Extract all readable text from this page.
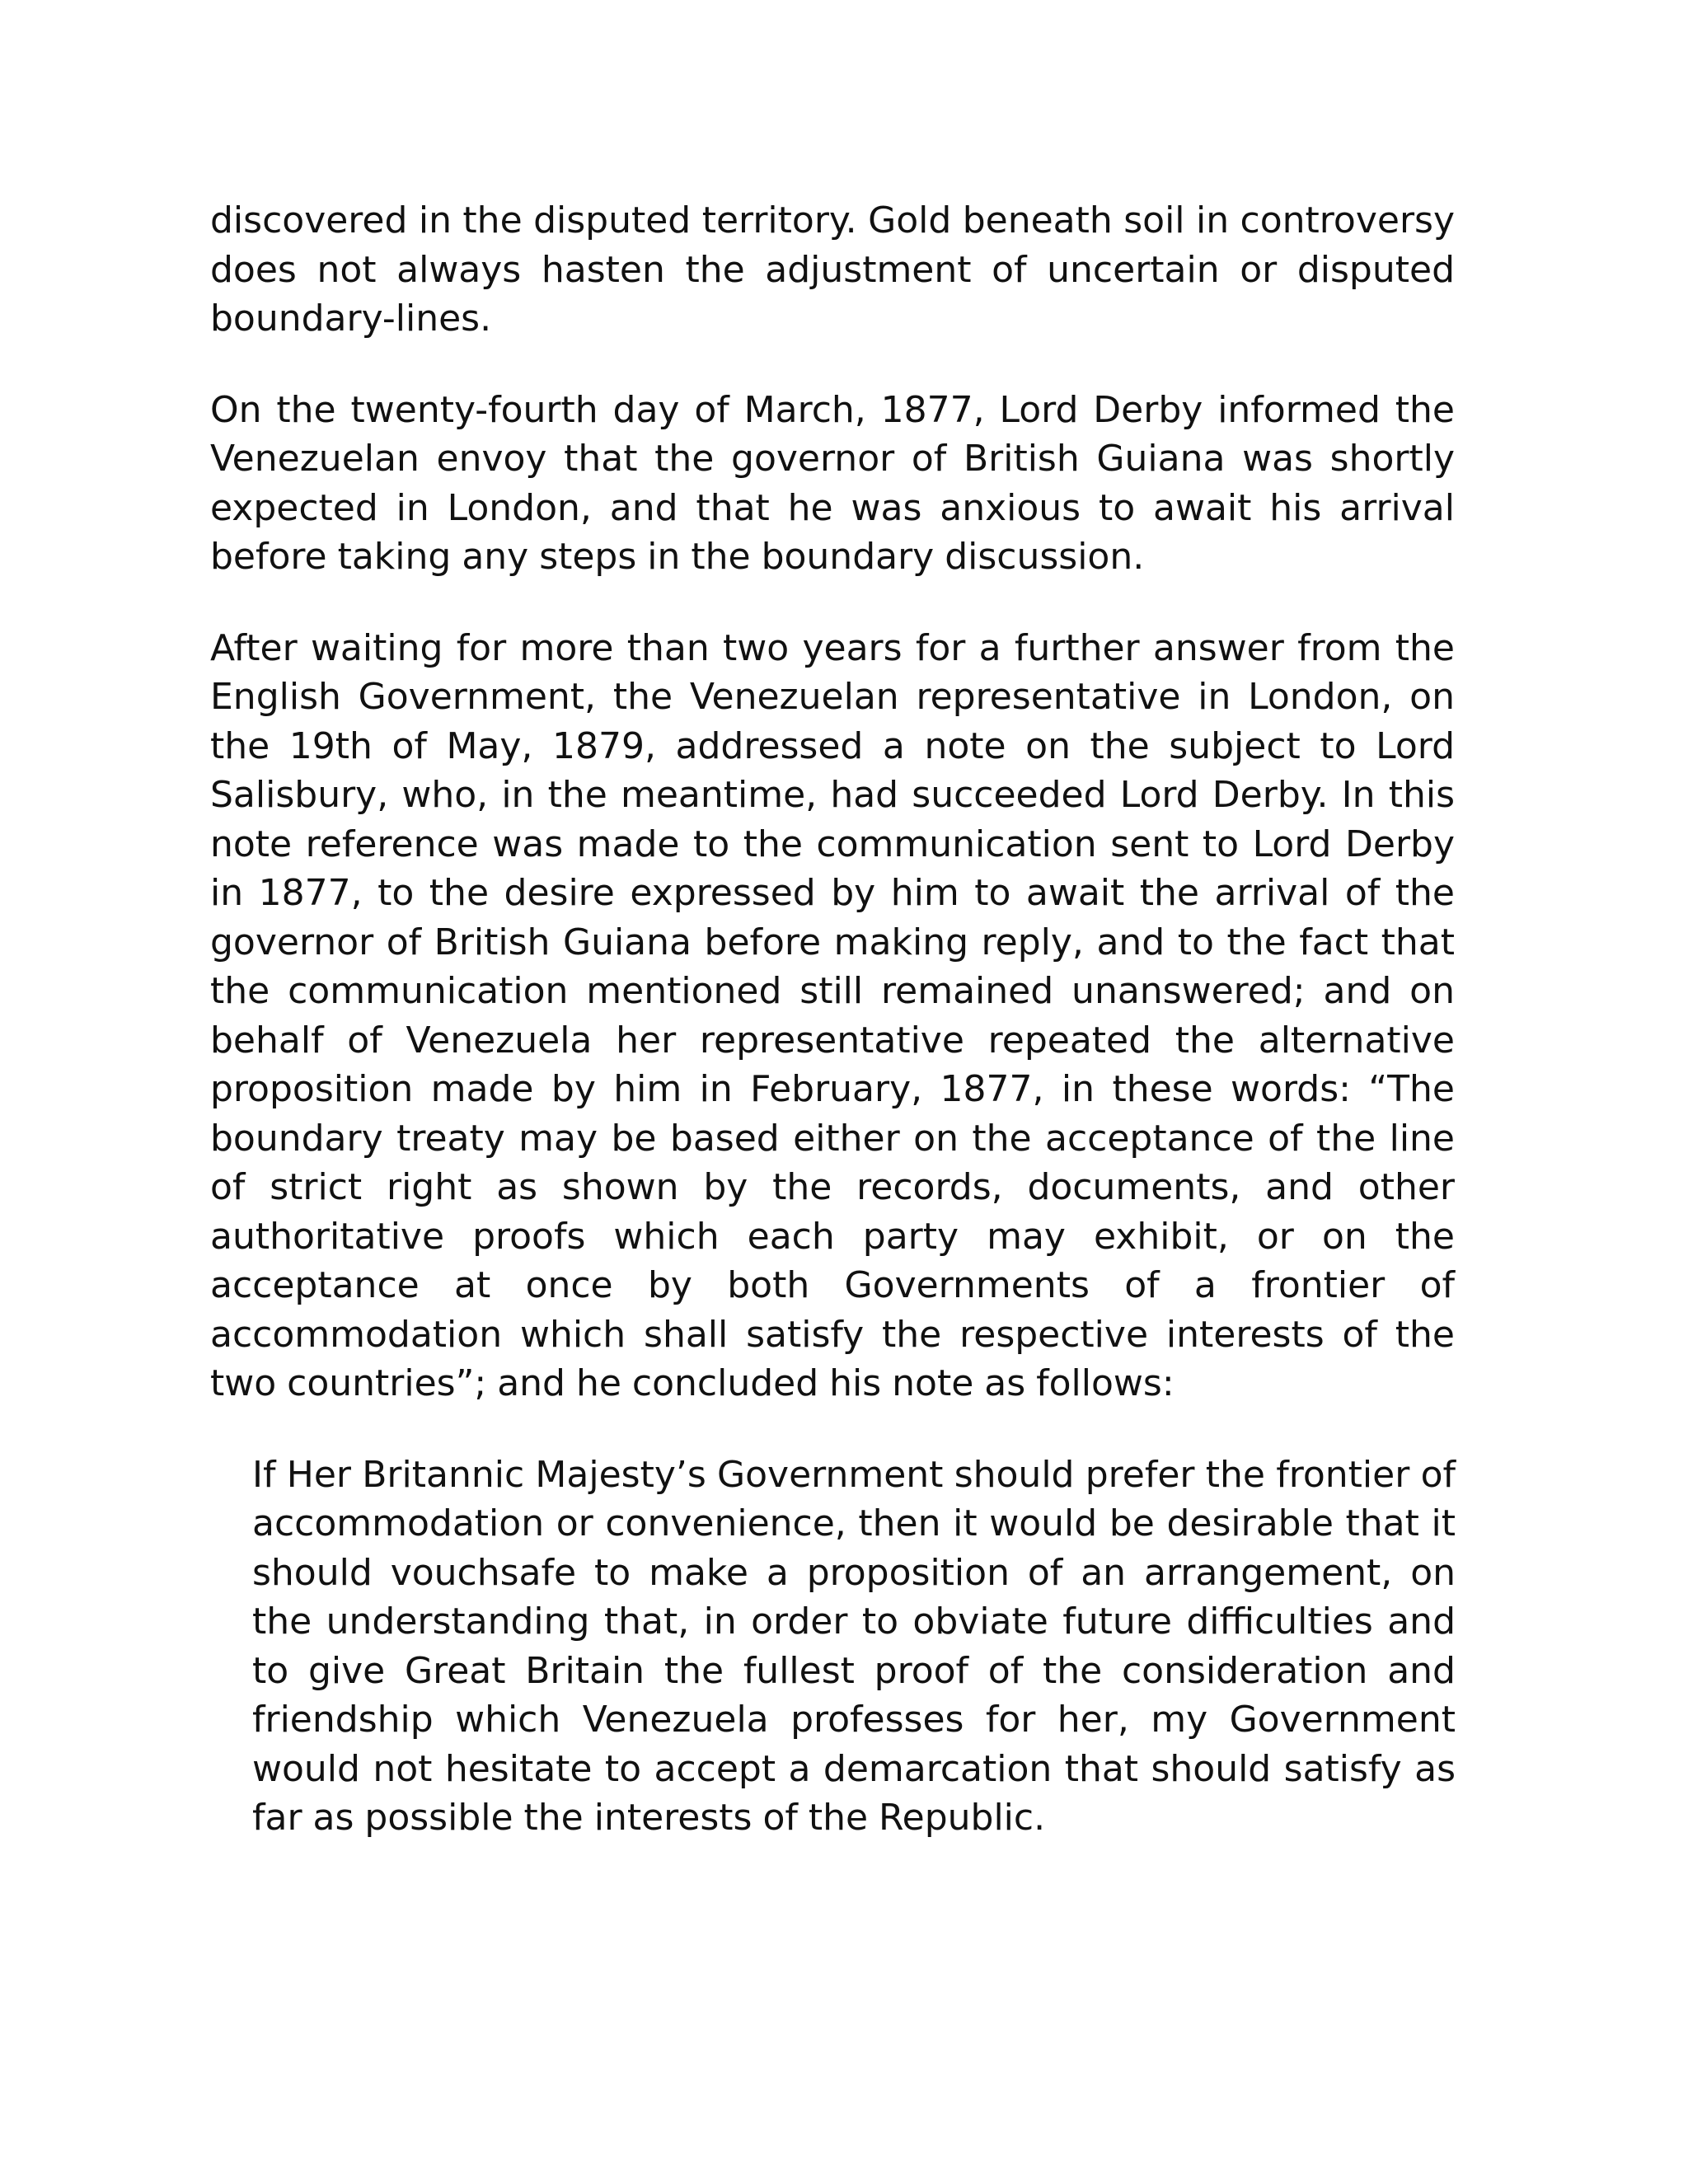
discovered in the disputed territory. Gold beneath soil in controversy does not always hasten the adjustment of uncertain or disputed boundary-lines.

On the twenty-fourth day of March, 1877, Lord Derby informed the Venezuelan envoy that the governor of British Guiana was shortly expected in London, and that he was anxious to await his arrival before taking any steps in the boundary discussion.

After waiting for more than two years for a further answer from the English Government, the Venezuelan representative in London, on the 19th of May, 1879, addressed a note on the subject to Lord Salisbury, who, in the meantime, had succeeded Lord Derby. In this note reference was made to the communication sent to Lord Derby in 1877, to the desire expressed by him to await the arrival of the governor of British Guiana before making reply, and to the fact that the communication mentioned still remained unanswered; and on behalf of Venezuela her representative repeated the alternative proposition made by him in February, 1877, in these words: “The boundary treaty may be based either on the acceptance of the line of strict right as shown by the records, documents, and other authoritative proofs which each party may exhibit, or on the acceptance at once by both Governments of a frontier of accommodation which shall satisfy the respective interests of the two countries”; and he concluded his note as follows:

If Her Britannic Majesty’s Government should prefer the frontier of accommodation or convenience, then it would be desirable that it should vouchsafe to make a proposition of an arrangement, on the understanding that, in order to obviate future difficulties and to give Great Britain the fullest proof of the consideration and friendship which Venezuela professes for her, my Government would not hesitate to accept a demarcation that should satisfy as far as possible the interests of the Republic.
